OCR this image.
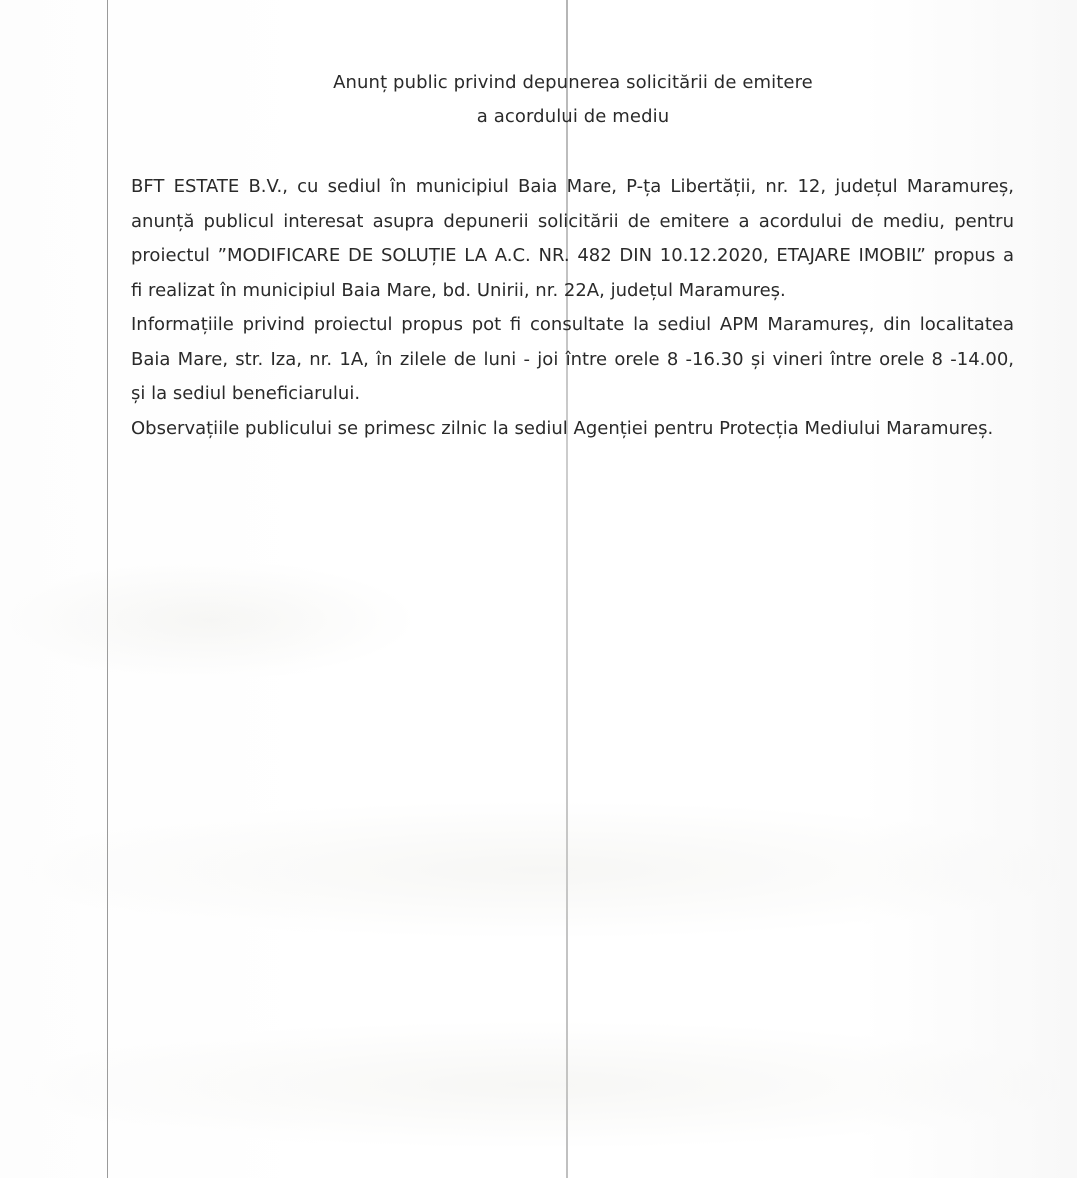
Anunț public privind depunerea solicitării de emitere
a acordului de mediu
BFT ESTATE B.V., cu sediul în municipiul Baia Mare, P-ța Libertății, nr. 12, județul Maramureș,
anunță publicul interesat asupra depunerii solicitării de emitere a acordului de mediu, pentru
proiectul ”MODIFICARE DE SOLUȚIE LA A.C. NR. 482 DIN 10.12.2020, ETAJARE IMOBIL” propus a
fi realizat în municipiul Baia Mare, bd. Unirii, nr. 22A, județul Maramureș.
Informațiile privind proiectul propus pot fi consultate la sediul APM Maramureș, din localitatea
Baia Mare, str. Iza, nr. 1A, în zilele de luni - joi între orele 8 -16.30 și vineri între orele 8 -14.00,
și la sediul beneficiarului.
Observațiile publicului se primesc zilnic la sediul Agenției pentru Protecția Mediului Maramureș.
